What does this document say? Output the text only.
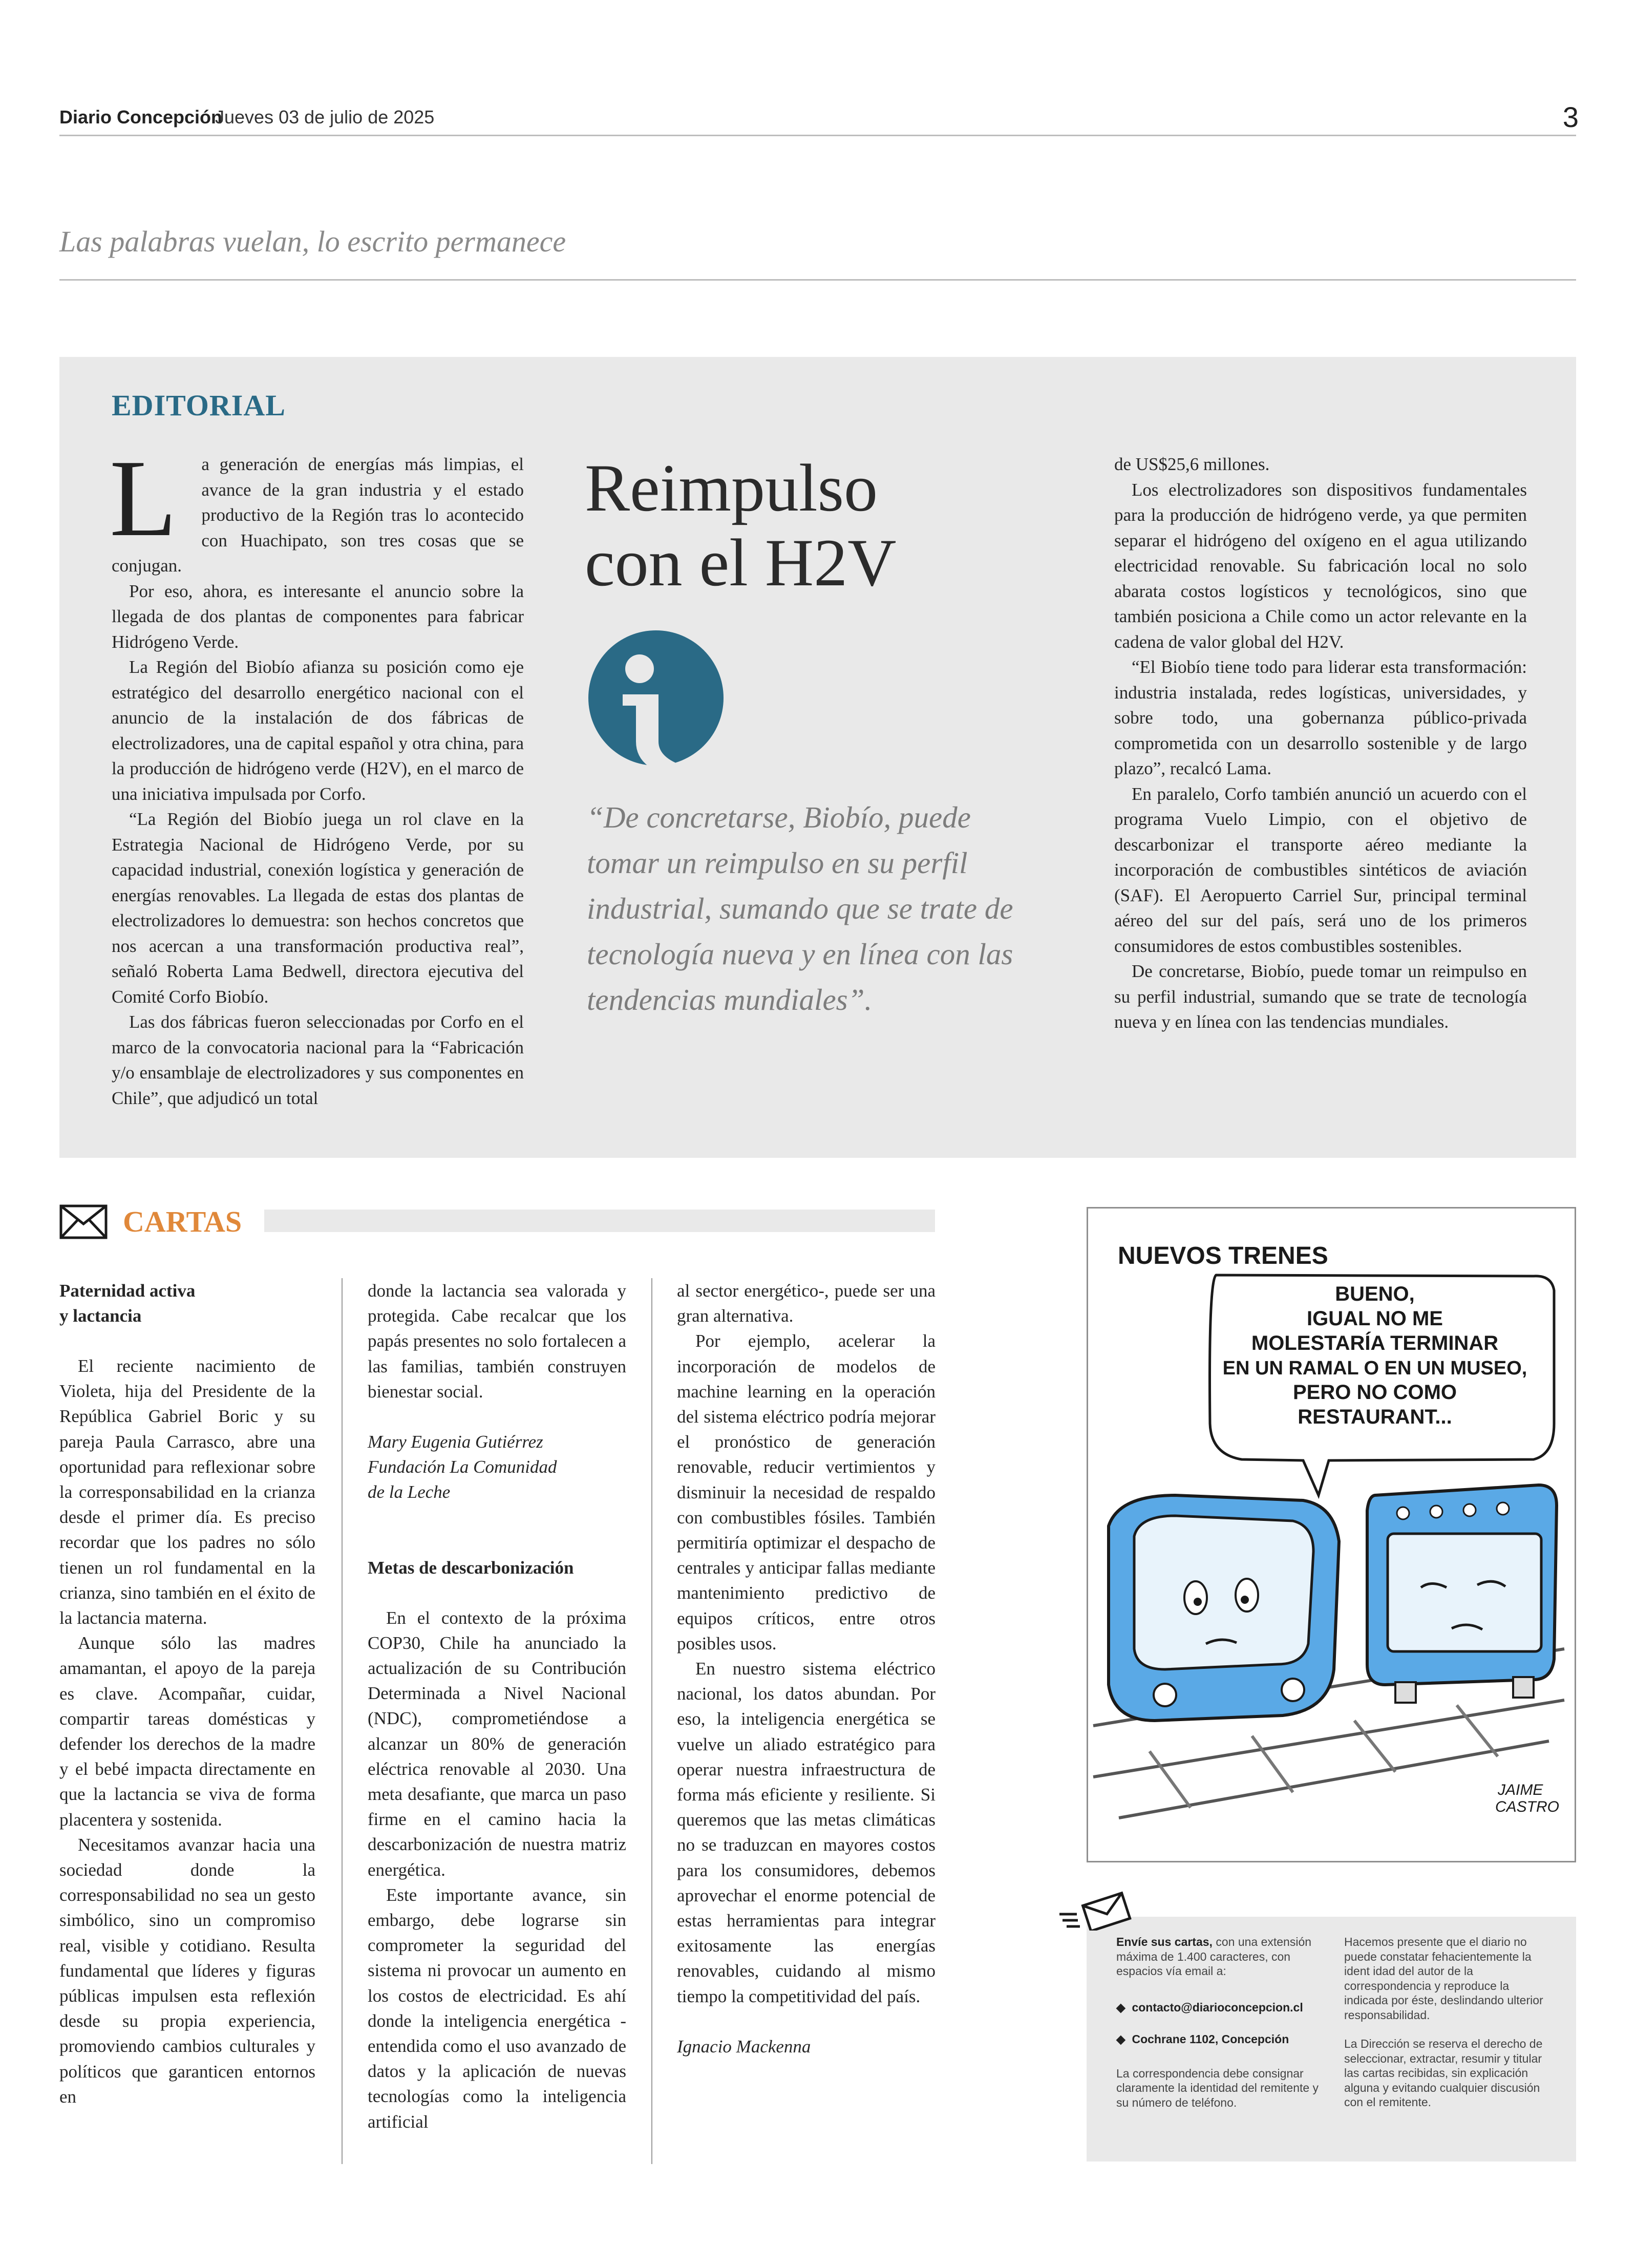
Diario Concepción
Jueves 03 de julio de 2025	3
Las palabras vuelan, lo escrito permanece
EDITORIAL
L	a generación de energías más limpias, el avance de la gran industria y el estado productivo de la Región tras lo acontecido con Huachipato, son tres cosas que se conjugan.

Por eso, ahora, es interesante el anuncio sobre la llegada de dos plantas de componentes para fabricar Hidrógeno Verde.

La Región del Biobío afianza su posición como eje estratégico del desarrollo energético nacional con el anuncio de la instalación de dos fábricas de electrolizadores, una de capital español y otra china, para la producción de hidrógeno verde (H2V), en el marco de una iniciativa impulsada por Corfo.

“La Región del Biobío juega un rol clave en la Estrategia Nacional de Hidrógeno Verde, por su capacidad industrial, conexión logística y generación de energías renovables. La llegada de estas dos plantas de electrolizadores lo demuestra: son hechos concretos que nos acercan a una transformación productiva real”, señaló Roberta Lama Bedwell, directora ejecutiva del Comité Corfo Biobío.

Las dos fábricas fueron seleccionadas por Corfo en el marco de la convocatoria nacional para la “Fabricación y/o ensamblaje de electrolizadores y sus componentes en Chile”, que adjudicó un total

Reimpulso
con el H2V
“De concretarse, Biobío, puede tomar un reimpulso en su perfil industrial, sumando que se trate de tecnología nueva y en línea con las tendencias mundiales”.

de US$25,6 millones.

Los electrolizadores son dispositivos fundamentales para la producción de hidrógeno verde, ya que permiten separar el hidrógeno del oxígeno en el agua utilizando electricidad renovable. Su fabricación local no solo abarata costos logísticos y tecnológicos, sino que también posiciona a Chile como un actor relevante en la cadena de valor global del H2V.

“El Biobío tiene todo para liderar esta transformación: industria instalada, redes logísticas, universidades, y sobre todo, una gobernanza público-privada comprometida con un desarrollo sostenible y de largo plazo”, recalcó Lama.

En paralelo, Corfo también anunció un acuerdo con el programa Vuelo Limpio, con el objetivo de descarbonizar el transporte aéreo mediante la incorporación de combustibles sintéticos de aviación (SAF). El Aeropuerto Carriel Sur, principal terminal aéreo del sur del país, será uno de los primeros consumidores de estos combustibles sostenibles.

De concretarse, Biobío, puede tomar un reimpulso en su perfil industrial, sumando que se trate de tecnología nueva y en línea con las tendencias mundiales.

CARTAS
Paternidad activa
y lactancia

El reciente nacimiento de Violeta, hija del Presidente de la República Gabriel Boric y su pareja Paula Carrasco, abre una oportunidad para reflexionar sobre la corresponsabilidad en la crianza desde el primer día. Es preciso recordar que los padres no sólo tienen un rol fundamental en la crianza, sino también en el éxito de la lactancia materna.

Aunque sólo las madres amamantan, el apoyo de la pareja es clave. Acompañar, cuidar, compartir tareas domésticas y defender los derechos de la madre y el bebé impacta directamente en que la lactancia se viva de forma placentera y sostenida.

Necesitamos avanzar hacia una sociedad donde la corresponsabilidad no sea un gesto simbólico, sino un compromiso real, visible y cotidiano. Resulta fundamental que líderes y figuras públicas impulsen esta reflexión desde su propia experiencia, promoviendo cambios culturales y políticos que garanticen entornos en

donde la lactancia sea valorada y protegida. Cabe recalcar que los papás presentes no solo fortalecen a las familias, también construyen bienestar social.

Mary Eugenia Gutiérrez
Fundación La Comunidad
de la Leche

Metas de descarbonización

En el contexto de la próxima COP30, Chile ha anunciado la actualización de su Contribución Determinada a Nivel Nacional (NDC), comprometiéndose a alcanzar un 80% de generación eléctrica renovable al 2030. Una meta desafiante, que marca un paso firme en el camino hacia la descarbonización de nuestra matriz energética.

Este importante avance, sin embargo, debe lograrse sin comprometer la seguridad del sistema ni provocar un aumento en los costos de electricidad. Es ahí donde la inteligencia energética -entendida como el uso avanzado de datos y la aplicación de nuevas tecnologías como la inteligencia artificial

al sector energético-, puede ser una gran alternativa.

Por ejemplo, acelerar la incorporación de modelos de machine learning en la operación del sistema eléctrico podría mejorar el pronóstico de generación renovable, reducir vertimientos y disminuir la necesidad de respaldo con combustibles fósiles. También permitiría optimizar el despacho de centrales y anticipar fallas mediante mantenimiento predictivo de equipos críticos, entre otros posibles usos.

En nuestro sistema eléctrico nacional, los datos abundan. Por eso, la inteligencia energética se vuelve un aliado estratégico para operar nuestra infraestructura de forma más eficiente y resiliente. Si queremos que las metas climáticas no se traduzcan en mayores costos para los consumidores, debemos aprovechar el enorme potencial de estas herramientas para integrar exitosamente las energías renovables, cuidando al mismo tiempo la competitividad del país.

Ignacio Mackenna

NUEVOS TRENES
BUENO,
IGUAL NO ME
MOLESTARÍA TERMINAR
EN UN RAMAL O EN UN MUSEO,
PERO NO COMO
RESTAURANT...
JAIME
CASTRO

Envíe sus cartas, con una extensión máxima de 1.400 caracteres, con espacios vía email a:

◆  contacto@diarioconcepcion.cl

◆  Cochrane 1102, Concepción

La correspondencia debe consignar claramente la identidad del remitente y su número de teléfono.

Hacemos presente que el diario no puede constatar fehacientemente la ident idad del autor de la correspondencia y reproduce la indicada por éste, deslindando ulterior responsabilidad.

La Dirección se reserva el derecho de seleccionar, extractar, resumir y titular las cartas recibidas, sin explicación alguna y evitando cualquier discusión con el remitente.
